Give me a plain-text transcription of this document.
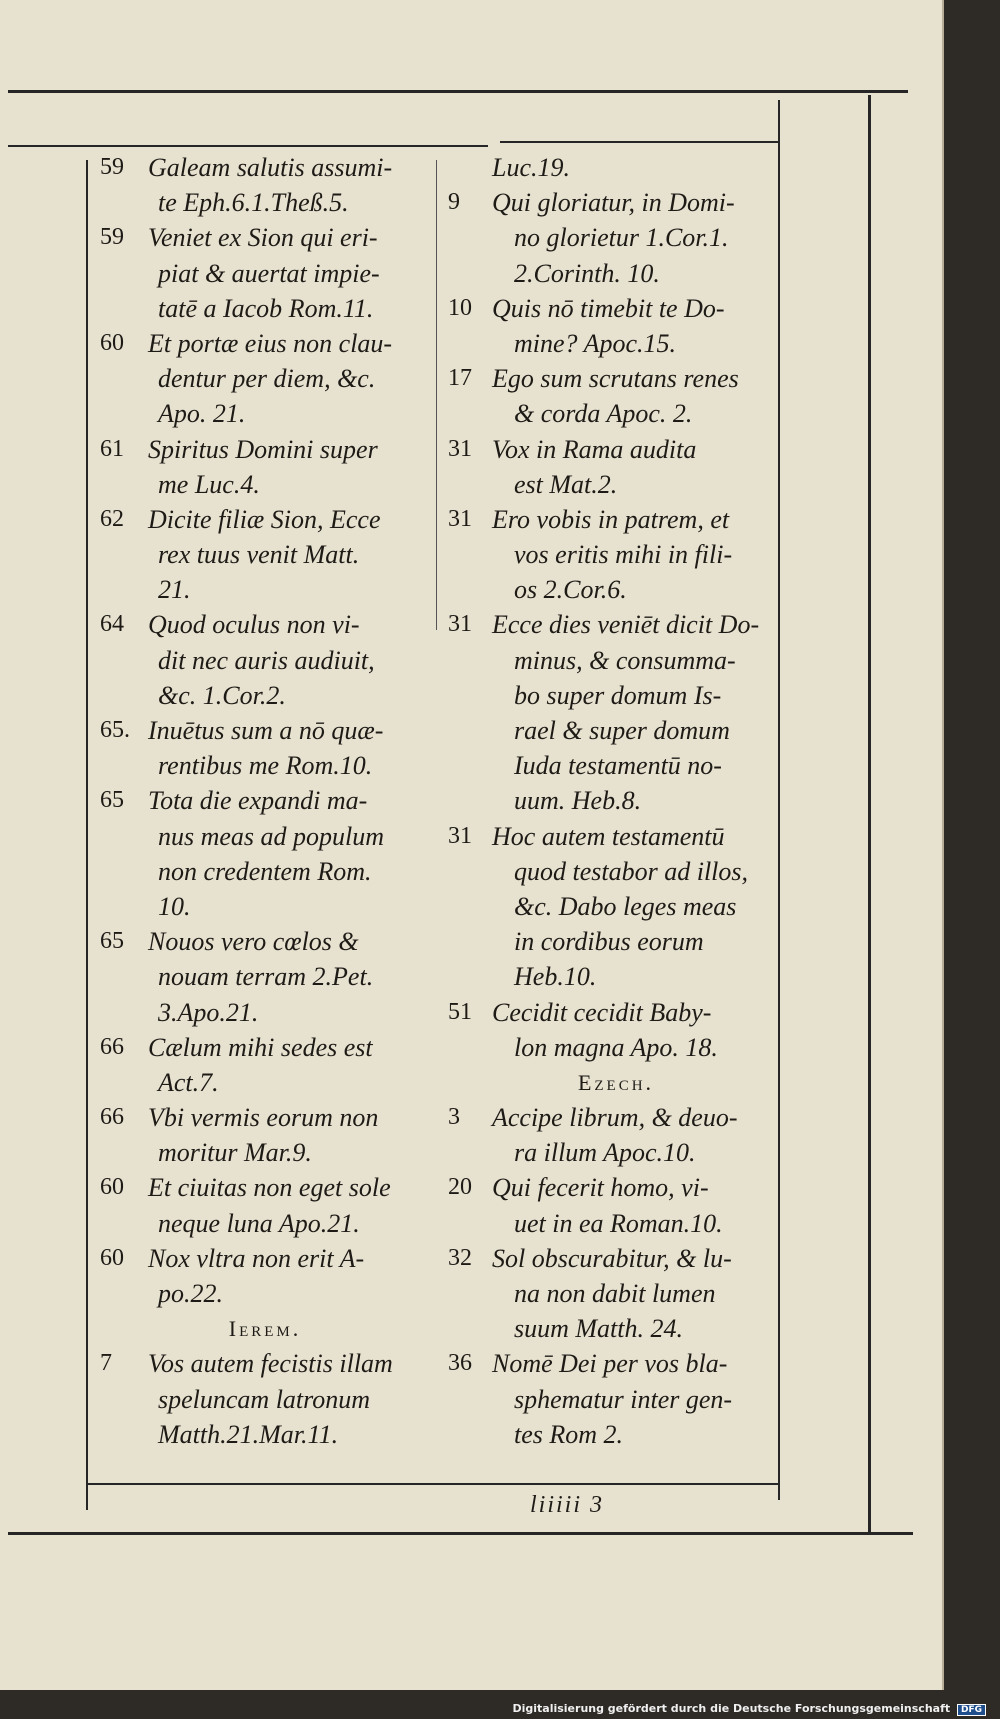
59 Galeam salutis assumi-
te Eph.6.1.Theß.5.
59 Veniet ex Sion qui eri-
piat & auertat impie-
tatē a Iacob Rom.11.
60 Et portæ eius non clau-
dentur per diem, &c.
Apo. 21.
61 Spiritus Domini super
me Luc.4.
62 Dicite filiæ Sion, Ecce
rex tuus venit Matt.
21.
64 Quod oculus non vi-
dit nec auris audiuit,
&c. 1.Cor.2.
65. Inuētus sum a nō quæ-
rentibus me Rom.10.
65 Tota die expandi ma-
nus meas ad populum
non credentem Rom.
10.
65 Nouos vero cœlos &
nouam terram 2.Pet.
3.Apo.21.
66 Cælum mihi sedes est
Act.7.
66 Vbi vermis eorum non
moritur Mar.9.
60 Et ciuitas non eget sole
neque luna Apo.21.
60 Nox vltra non erit A-
po.22.
Ierem.
7	Vos autem fecistis illam
speluncam latronum
Matth.21.Mar.11.
Luc.19.
9	Qui gloriatur, in Domi-
no glorietur 1.Cor.1.
2.Corinth. 10.
10 Quis nō timebit te Do-
mine? Apoc.15.
17 Ego sum scrutans renes
& corda Apoc. 2.
31 Vox in Rama audita
est Mat.2.
31 Ero vobis in patrem, et
vos eritis mihi in fili-
os 2.Cor.6.
31 Ecce dies veniēt dicit Do-
minus, & consumma-
bo super domum Is-
rael & super domum
Iuda testamentū no-
uum. Heb.8.
31 Hoc autem testamentū
quod testabor ad illos,
&c. Dabo leges meas
in cordibus eorum
Heb.10.
51 Cecidit cecidit Baby-
lon magna Apo. 18.
Ezech.
3	Accipe librum, & deuo-
ra illum Apoc.10.
20 Qui fecerit homo, vi-
uet in ea Roman.10.
32 Sol obscurabitur, & lu-
na non dabit lumen
suum Matth. 24.
36 Nomē Dei per vos bla-
sphematur inter gen-
tes Rom 2.
liiiii 3
Digitalisierung gefördert durch die Deutsche Forschungsgemeinschaft DFG
